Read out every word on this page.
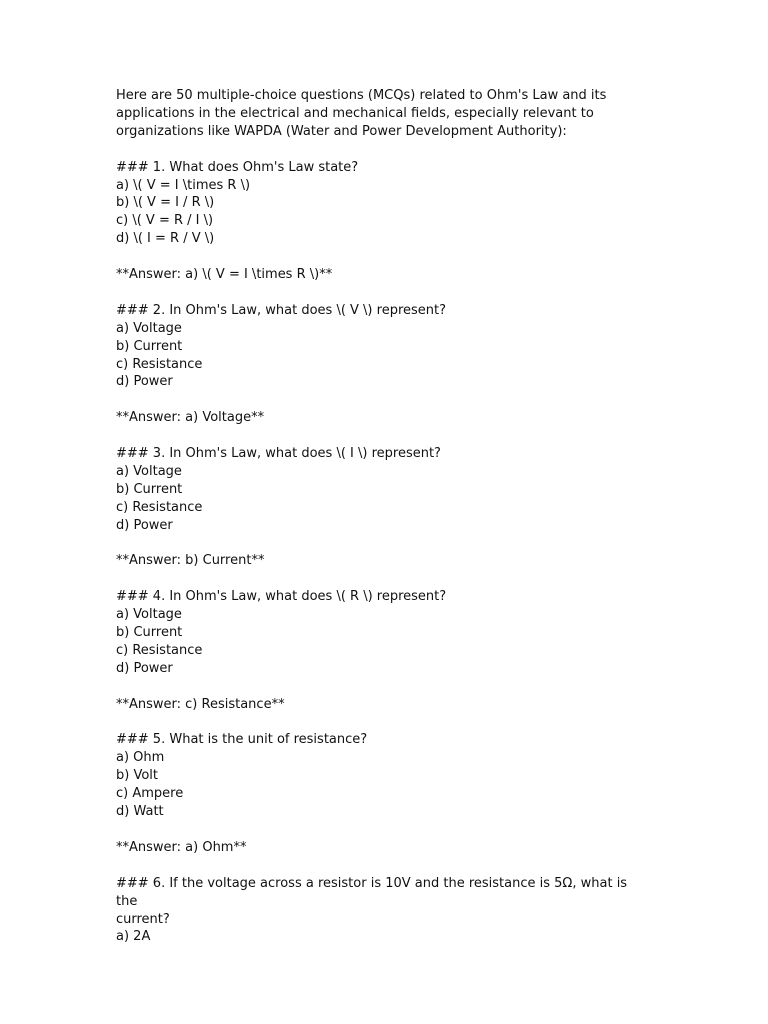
Here are 50 multiple-choice questions (MCQs) related to Ohm's Law and its
applications in the electrical and mechanical fields, especially relevant to
organizations like WAPDA (Water and Power Development Authority):
### 1. What does Ohm's Law state?
a) \( V = I \times R \)
b) \( V = I / R \)
c) \( V = R / I \)
d) \( I = R / V \)
**Answer: a) \( V = I \times R \)**
### 2. In Ohm's Law, what does \( V \) represent?
a) Voltage
b) Current
c) Resistance
d) Power
**Answer: a) Voltage**
### 3. In Ohm's Law, what does \( I \) represent?
a) Voltage
b) Current
c) Resistance
d) Power
**Answer: b) Current**
### 4. In Ohm's Law, what does \( R \) represent?
a) Voltage
b) Current
c) Resistance
d) Power
**Answer: c) Resistance**
### 5. What is the unit of resistance?
a) Ohm
b) Volt
c) Ampere
d) Watt
**Answer: a) Ohm**
### 6. If the voltage across a resistor is 10V and the resistance is 5Ω, what is the
current?
a) 2A
